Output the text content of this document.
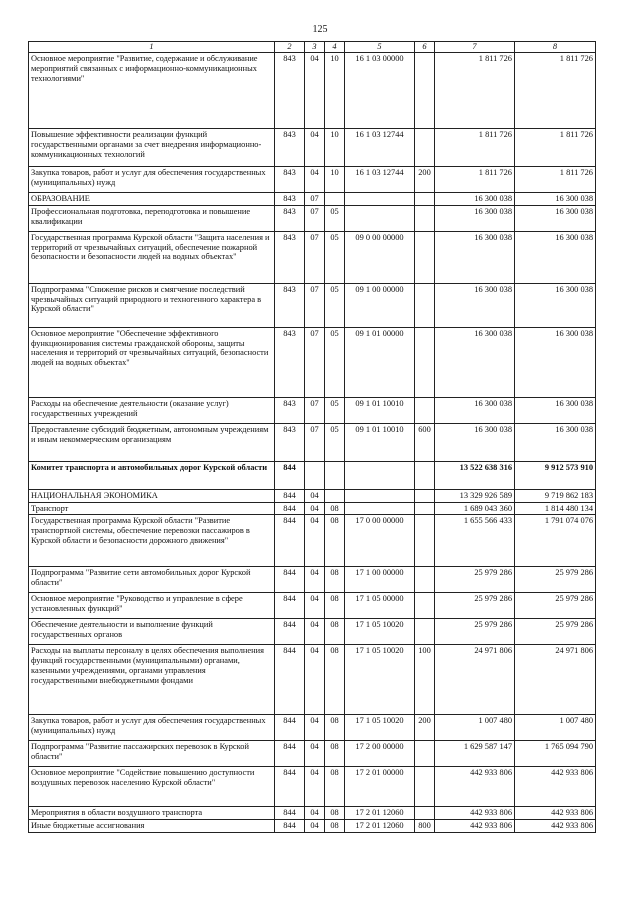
125
1	2	3	4	5	6	7	8
Основное мероприятие "Развитие, содержание и обслуживание мероприятий связанных с информационно-коммуникационных технологиями"	843	04	10	16 1 03 00000		1 811 726	1 811 726
Повышение эффективности реализации функций государственными органами за счет внедрения информационно-коммуникационных технологий	843	04	10	16 1 03 12744		1 811 726	1 811 726
Закупка товаров, работ и услуг для обеспечения государственных (муниципальных) нужд	843	04	10	16 1 03 12744	200	1 811 726	1 811 726
ОБРАЗОВАНИЕ	843	07				16 300 038	16 300 038
Профессиональная подготовка, переподготовка и повышение квалификации	843	07	05			16 300 038	16 300 038
Государственная программа Курской области "Защита населения и территорий от чрезвычайных ситуаций, обеспечение пожарной безопасности и безопасности людей на водных объектах"	843	07	05	09 0 00 00000		16 300 038	16 300 038
Подпрограмма "Снижение рисков и смягчение последствий чрезвычайных ситуаций природного и техногенного характера в Курской области"	843	07	05	09 1 00 00000		16 300 038	16 300 038
Основное мероприятие "Обеспечение эффективного функционирования системы гражданской обороны, защиты населения и территорий от чрезвычайных ситуаций, безопасности людей на водных объектах"	843	07	05	09 1 01 00000		16 300 038	16 300 038
Расходы на обеспечение деятельности (оказание услуг) государственных учреждений	843	07	05	09 1 01 10010		16 300 038	16 300 038
Предоставление субсидий бюджетным, автономным учреждениям и иным некоммерческим организациям	843	07	05	09 1 01 10010	600	16 300 038	16 300 038
Комитет транспорта и автомобильных дорог Курской области	844					13 522 638 316	9 912 573 910
НАЦИОНАЛЬНАЯ ЭКОНОМИКА	844	04				13 329 926 589	9 719 862 183
Транспорт	844	04	08			1 689 043 360	1 814 480 134
Государственная программа Курской области "Развитие транспортной системы, обеспечение перевозки пассажиров в Курской области и безопасности дорожного движения"	844	04	08	17 0 00 00000		1 655 566 433	1 791 074 076
Подпрограмма "Развитие сети автомобильных дорог Курской области"	844	04	08	17 1 00 00000		25 979 286	25 979 286
Основное мероприятие "Руководство и управление в сфере установленных функций"	844	04	08	17 1 05 00000		25 979 286	25 979 286
Обеспечение деятельности и выполнение функций государственных органов	844	04	08	17 1 05 10020		25 979 286	25 979 286
Расходы на выплаты персоналу в целях обеспечения выполнения функций государственными (муниципальными) органами, казенными учреждениями, органами управления государственными внебюджетными фондами	844	04	08	17 1 05 10020	100	24 971 806	24 971 806
Закупка товаров, работ и услуг для обеспечения государственных (муниципальных) нужд	844	04	08	17 1 05 10020	200	1 007 480	1 007 480
Подпрограмма "Развитие пассажирских перевозок в Курской области"	844	04	08	17 2 00 00000		1 629 587 147	1 765 094 790
Основное мероприятие "Содействие повышению доступности воздушных перевозок населению Курской области"	844	04	08	17 2 01 00000		442 933 806	442 933 806
Мероприятия в области воздушного транспорта	844	04	08	17 2 01 12060		442 933 806	442 933 806
Иные бюджетные ассигнования	844	04	08	17 2 01 12060	800	442 933 806	442 933 806
